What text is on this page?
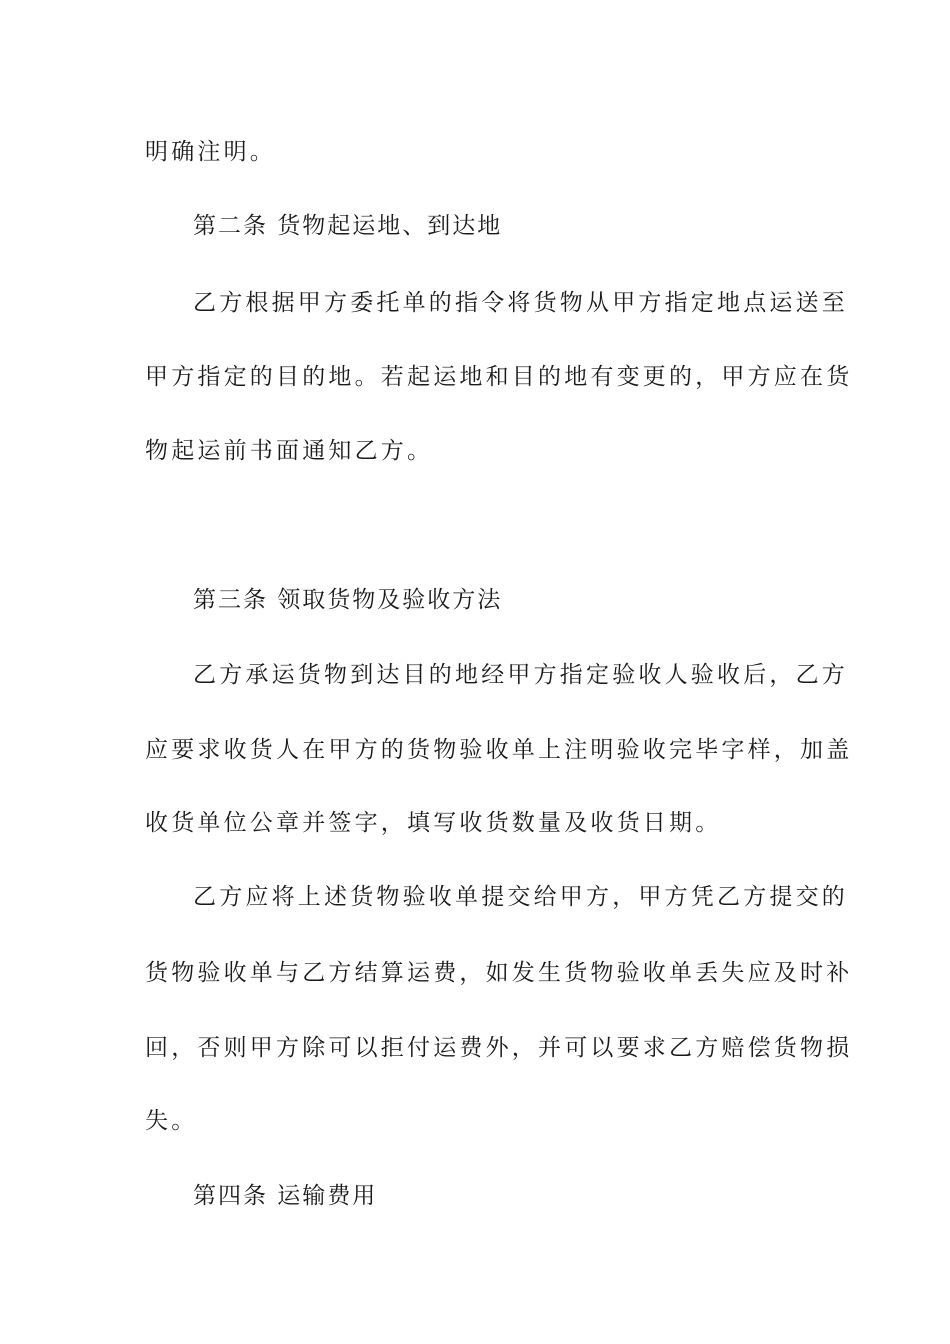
明确注明。
第二条 货物起运地、到达地
乙方根据甲方委托单的指令将货物从甲方指定地点运送至
甲方指定的目的地。若起运地和目的地有变更的，甲方应在货
物起运前书面通知乙方。
第三条 领取货物及验收方法
乙方承运货物到达目的地经甲方指定验收人验收后，乙方
应要求收货人在甲方的货物验收单上注明验收完毕字样，加盖
收货单位公章并签字，填写收货数量及收货日期。
乙方应将上述货物验收单提交给甲方，甲方凭乙方提交的
货物验收单与乙方结算运费，如发生货物验收单丢失应及时补
回，否则甲方除可以拒付运费外，并可以要求乙方赔偿货物损
失。
第四条 运输费用
